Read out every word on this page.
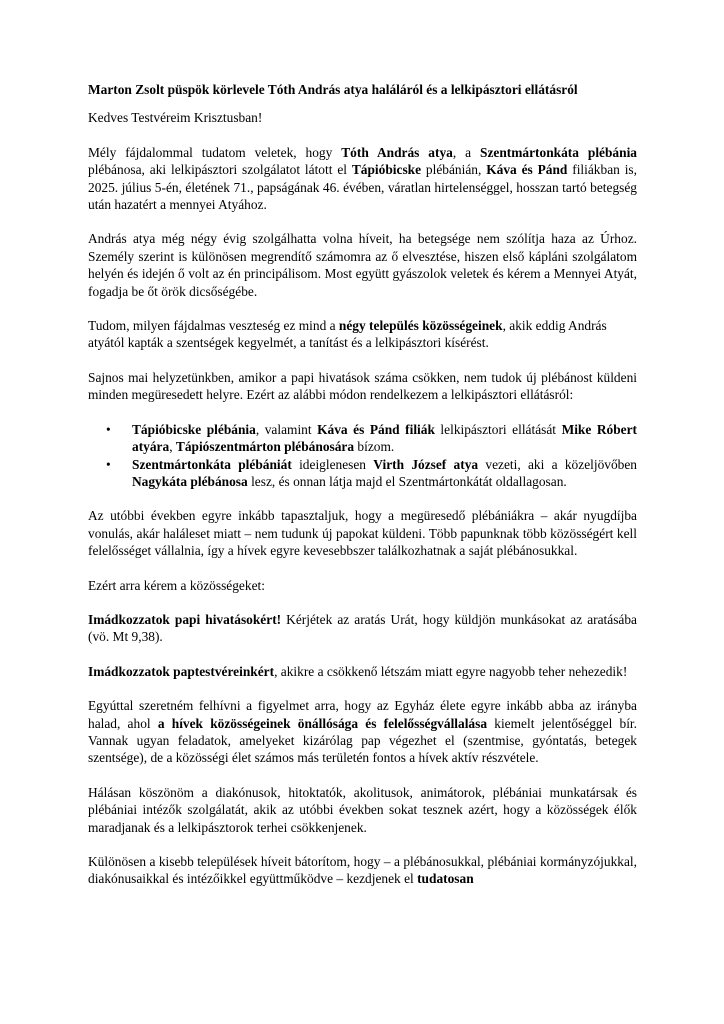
Marton Zsolt püspök körlevele Tóth András atya haláláról és a lelkipásztori ellátásról

Kedves Testvéreim Krisztusban!

Mély fájdalommal tudatom veletek, hogy Tóth András atya, a Szentmártonkáta plébánia plébánosa, aki lelkipásztori szolgálatot látott el Tápióbicske plébánián, Káva és Pánd filiákban is, 2025. július 5-én, életének 71., papságának 46. évében, váratlan hirtelenséggel, hosszan tartó betegség után hazatért a mennyei Atyához.

András atya még négy évig szolgálhatta volna híveit, ha betegsége nem szólítja haza az Úrhoz. Személy szerint is különösen megrendítő számomra az ő elvesztése, hiszen első kápláni szolgálatom helyén és idején ő volt az én principálisom. Most együtt gyászolok veletek és kérem a Mennyei Atyát, fogadja be őt örök dicsőségébe.

Tudom, milyen fájdalmas veszteség ez mind a négy település közösségeinek, akik eddig András atyától kapták a szentségek kegyelmét, a tanítást és a lelkipásztori kísérést.

Sajnos mai helyzetünkben, amikor a papi hivatások száma csökken, nem tudok új plébánost küldeni minden megüresedett helyre. Ezért az alábbi módon rendelkezem a lelkipásztori ellátásról:

• Tápióbicske plébánia, valamint Káva és Pánd filiák lelkipásztori ellátását Mike Róbert atyára, Tápiószentmárton plébánosára bízom.
• Szentmártonkáta plébániát ideiglenesen Virth József atya vezeti, aki a közeljövőben Nagykáta plébánosa lesz, és onnan látja majd el Szentmártonkátát oldallagosan.

Az utóbbi években egyre inkább tapasztaljuk, hogy a megüresedő plébániákra – akár nyugdíjba vonulás, akár haláleset miatt – nem tudunk új papokat küldeni. Több papunknak több közösségért kell felelősséget vállalnia, így a hívek egyre kevesebbszer találkozhatnak a saját plébánosukkal.

Ezért arra kérem a közösségeket:

Imádkozzatok papi hivatásokért! Kérjétek az aratás Urát, hogy küldjön munkásokat az aratásába (vö. Mt 9,38).

Imádkozzatok paptestvéreinkért, akikre a csökkenő létszám miatt egyre nagyobb teher nehezedik!

Egyúttal szeretném felhívni a figyelmet arra, hogy az Egyház élete egyre inkább abba az irányba halad, ahol a hívek közösségeinek önállósága és felelősségvállalása kiemelt jelentőséggel bír. Vannak ugyan feladatok, amelyeket kizárólag pap végezhet el (szentmise, gyóntatás, betegek szentsége), de a közösségi élet számos más területén fontos a hívek aktív részvétele.

Hálásan köszönöm a diakónusok, hitoktatók, akolitusok, animátorok, plébániai munkatársak és plébániai intézők szolgálatát, akik az utóbbi években sokat tesznek azért, hogy a közösségek élők maradjanak és a lelkipásztorok terhei csökkenjenek.

Különösen a kisebb települések híveit bátorítom, hogy – a plébánosukkal, plébániai kormányzójukkal, diakónusaikkal és intézőikkel együttműködve – kezdjenek el tudatosan
